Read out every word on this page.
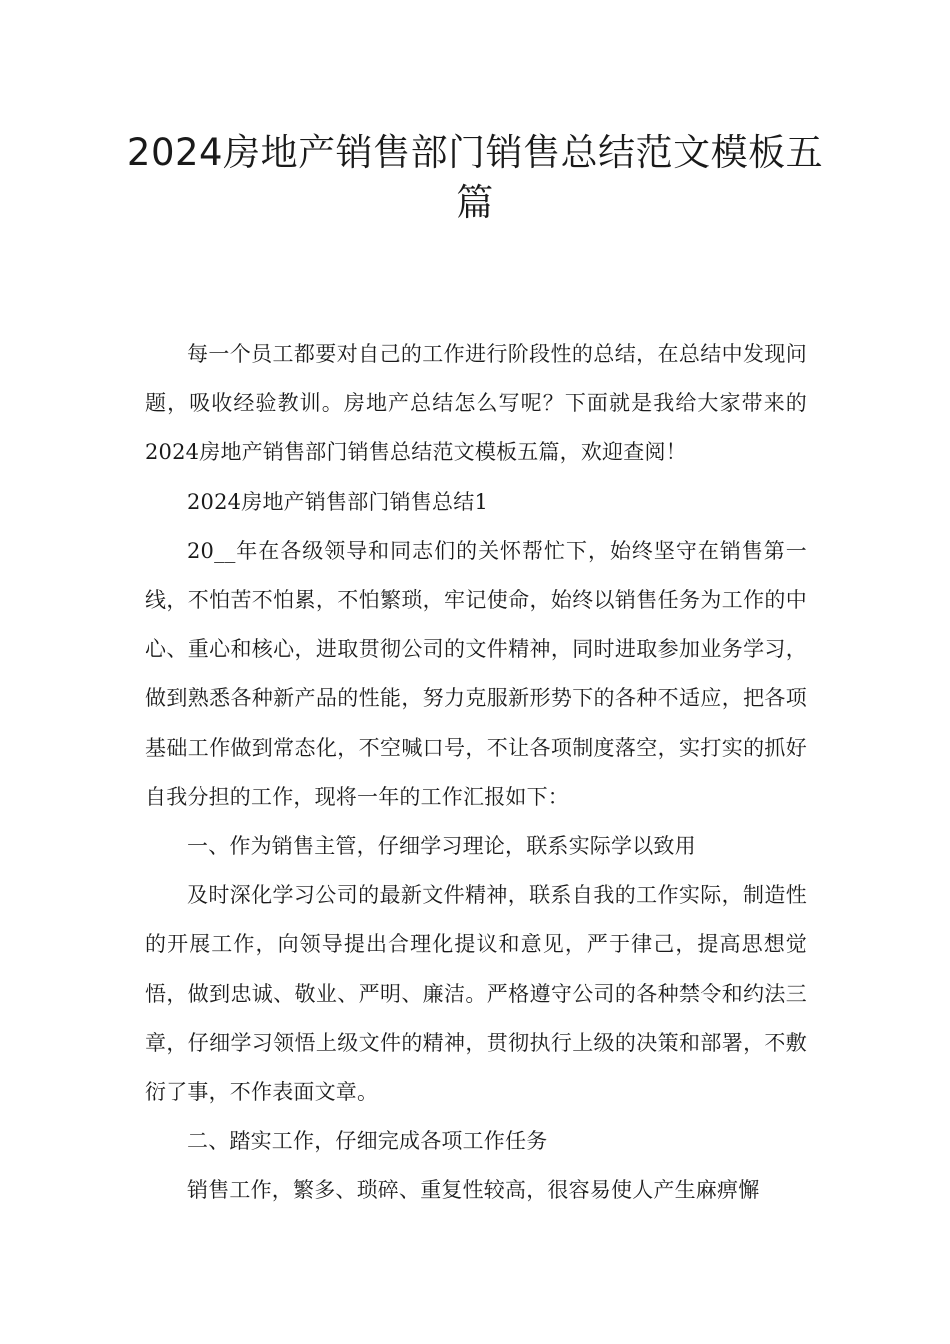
2024房地产销售部门销售总结范文模板五篇

每一个员工都要对自己的工作进行阶段性的总结，在总结中发现问题，吸收经验教训。房地产总结怎么写呢？下面就是我给大家带来的2024房地产销售部门销售总结范文模板五篇，欢迎查阅！

2024房地产销售部门销售总结1

20__年在各级领导和同志们的关怀帮忙下，始终坚守在销售第一线，不怕苦不怕累，不怕繁琐，牢记使命，始终以销售任务为工作的中心、重心和核心，进取贯彻公司的文件精神，同时进取参加业务学习，做到熟悉各种新产品的性能，努力克服新形势下的各种不适应，把各项基础工作做到常态化，不空喊口号，不让各项制度落空，实打实的抓好自我分担的工作，现将一年的工作汇报如下：

一、作为销售主管，仔细学习理论，联系实际学以致用

及时深化学习公司的最新文件精神，联系自我的工作实际，制造性的开展工作，向领导提出合理化提议和意见，严于律己，提高思想觉悟，做到忠诚、敬业、严明、廉洁。严格遵守公司的各种禁令和约法三章，仔细学习领悟上级文件的精神，贯彻执行上级的决策和部署，不敷衍了事，不作表面文章。

二、踏实工作，仔细完成各项工作任务

销售工作，繁多、琐碎、重复性较高，很容易使人产生麻痹懈
